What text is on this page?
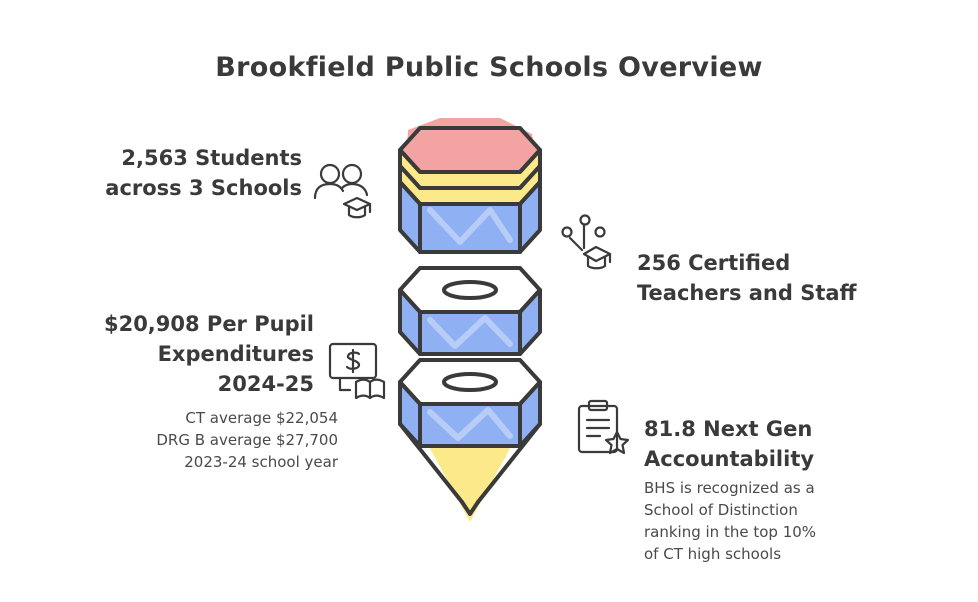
Brookfield Public Schools Overview
2,563 Students
across 3 Schools
256 Certified
Teachers and Staff
$20,908 Per Pupil
Expenditures
2024-25
CT average $22,054
DRG B average $27,700
2023-24 school year
81.8 Next Gen
Accountability
BHS is recognized as a
School of Distinction
ranking in the top 10%
of CT high schools
